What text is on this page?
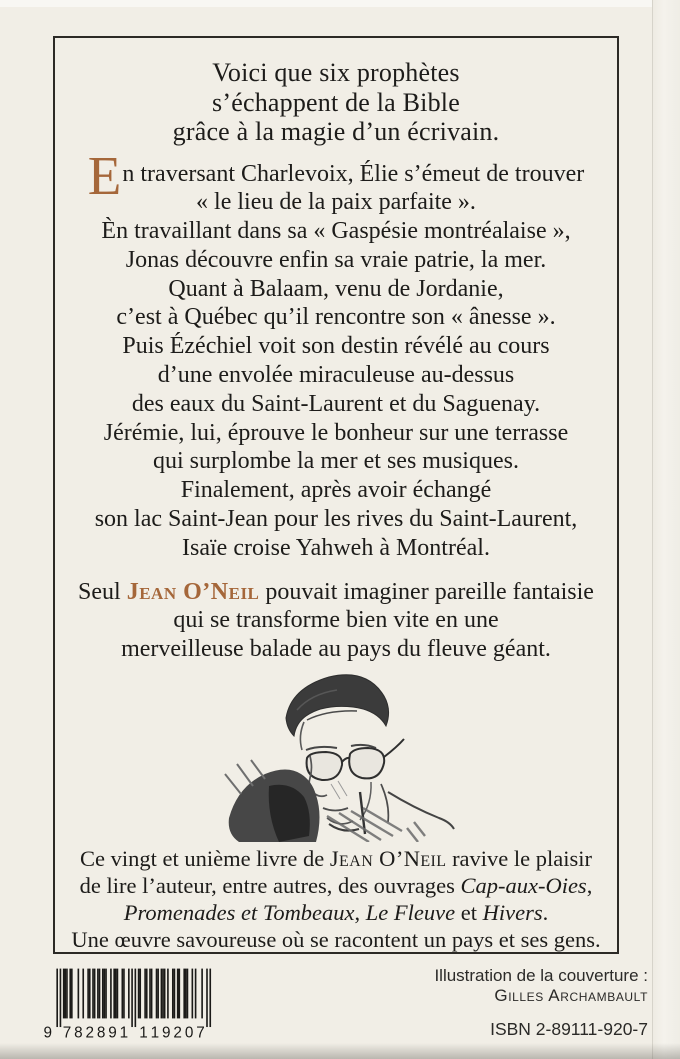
Voici que six prophètes
s’échappent de la Bible
grâce à la magie d’un écrivain.
En traversant Charlevoix, Élie s’émeut de trouver
« le lieu de la paix parfaite ».
Èn travaillant dans sa « Gaspésie montréalaise »,
Jonas découvre enfin sa vraie patrie, la mer.
Quant à Balaam, venu de Jordanie,
c’est à Québec qu’il rencontre son « ânesse ».
Puis Ézéchiel voit son destin révélé au cours
d’une envolée miraculeuse au-dessus
des eaux du Saint-Laurent et du Saguenay.
Jérémie, lui, éprouve le bonheur sur une terrasse
qui surplombe la mer et ses musiques.
Finalement, après avoir échangé
son lac Saint-Jean pour les rives du Saint-Laurent,
Isaïe croise Yahweh à Montréal.
Seul Jean O’Neil pouvait imaginer pareille fantaisie
qui se transforme bien vite en une
merveilleuse balade au pays du fleuve géant.
Ce vingt et unième livre de Jean O’Neil ravive le plaisir
de lire l’auteur, entre autres, des ouvrages Cap-aux-Oies,
Promenades et Tombeaux, Le Fleuve et Hivers.
Une œuvre savoureuse où se racontent un pays et ses gens.
9 7 8 2 8 9 1 1 1 9 2 0 7
Illustration de la couverture :
Gilles Archambault
ISBN 2-89111-920-7
